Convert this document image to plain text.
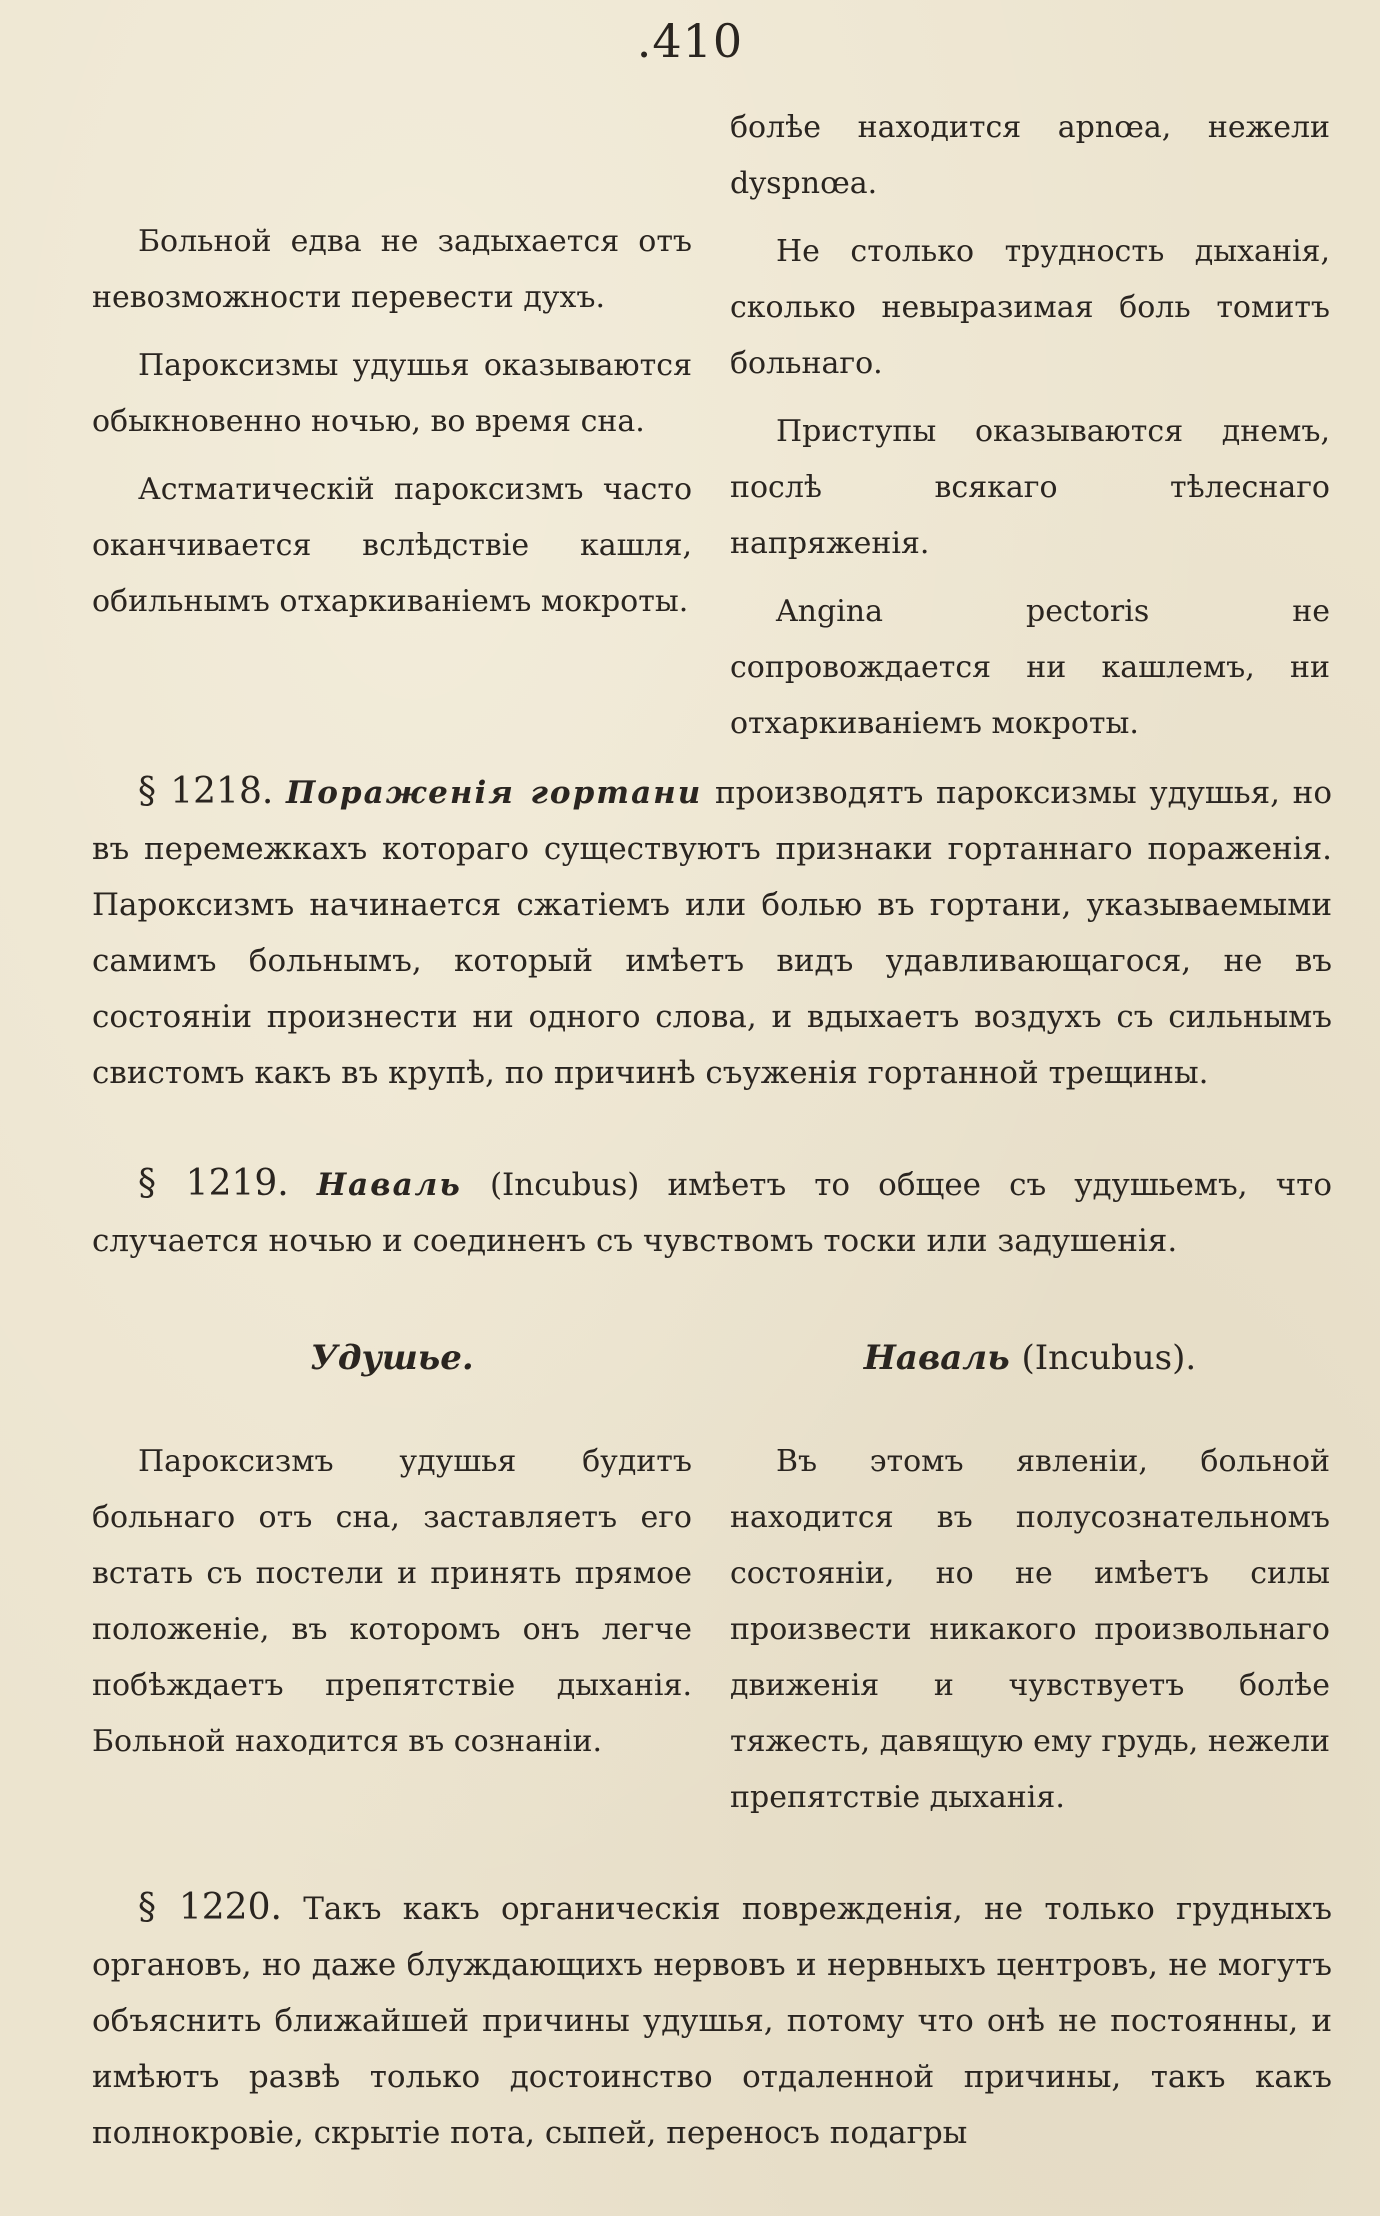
.410

Больной едва не задыхается отъ невозможности перевести духъ.

Пароксизмы удушья оказываются обыкновенно ночью, во время сна.

Астматическій пароксизмъ часто оканчивается вслѣдствіе кашля, обильнымъ отхаркиваніемъ мокроты.

болѣе находится apnœa, нежели dyspnœa.

Не столько трудность дыханія, сколько невыразимая боль томитъ больнаго.

Приступы оказываются днемъ, послѣ всякаго тѣлеснаго напряженія.

Angina pectoris не сопровождается ни кашлемъ, ни отхаркиваніемъ мокроты.

§ 1218. Пораженія гортани производятъ пароксизмы удушья, но въ перемежкахъ котораго существуютъ признаки гортаннаго пораженія. Пароксизмъ начинается сжатіемъ или болью въ гортани, указываемыми самимъ больнымъ, который имѣетъ видъ удавливающагося, не въ состояніи произнести ни одного слова, и вдыхаетъ воздухъ съ сильнымъ свистомъ какъ въ крупѣ, по причинѣ съуженія гортанной трещины.

§ 1219. Наваль (Incubus) имѣетъ то общее съ удушьемъ, что случается ночью и соединенъ съ чувствомъ тоски или задушенія.

Удушье.	Наваль (Incubus).

Пароксизмъ удушья будитъ больнаго отъ сна, заставляетъ его встать съ постели и принять прямое положеніе, въ которомъ онъ легче побѣждаетъ препятствіе дыханія. Больной находится въ сознаніи.

Въ этомъ явленіи, больной находится въ полусознательномъ состояніи, но не имѣетъ силы произвести никакого произвольнаго движенія и чувствуетъ болѣе тяжесть, давящую ему грудь, нежели препятствіе дыханія.

§ 1220. Такъ какъ органическія поврежденія, не только грудныхъ органовъ, но даже блуждающихъ нервовъ и нервныхъ центровъ, не могутъ объяснить ближайшей причины удушья, потому что онѣ не постоянны, и имѣютъ развѣ только достоинство отдаленной причины, такъ какъ полнокровіе, скрытіе пота, сыпей, переносъ подагры
